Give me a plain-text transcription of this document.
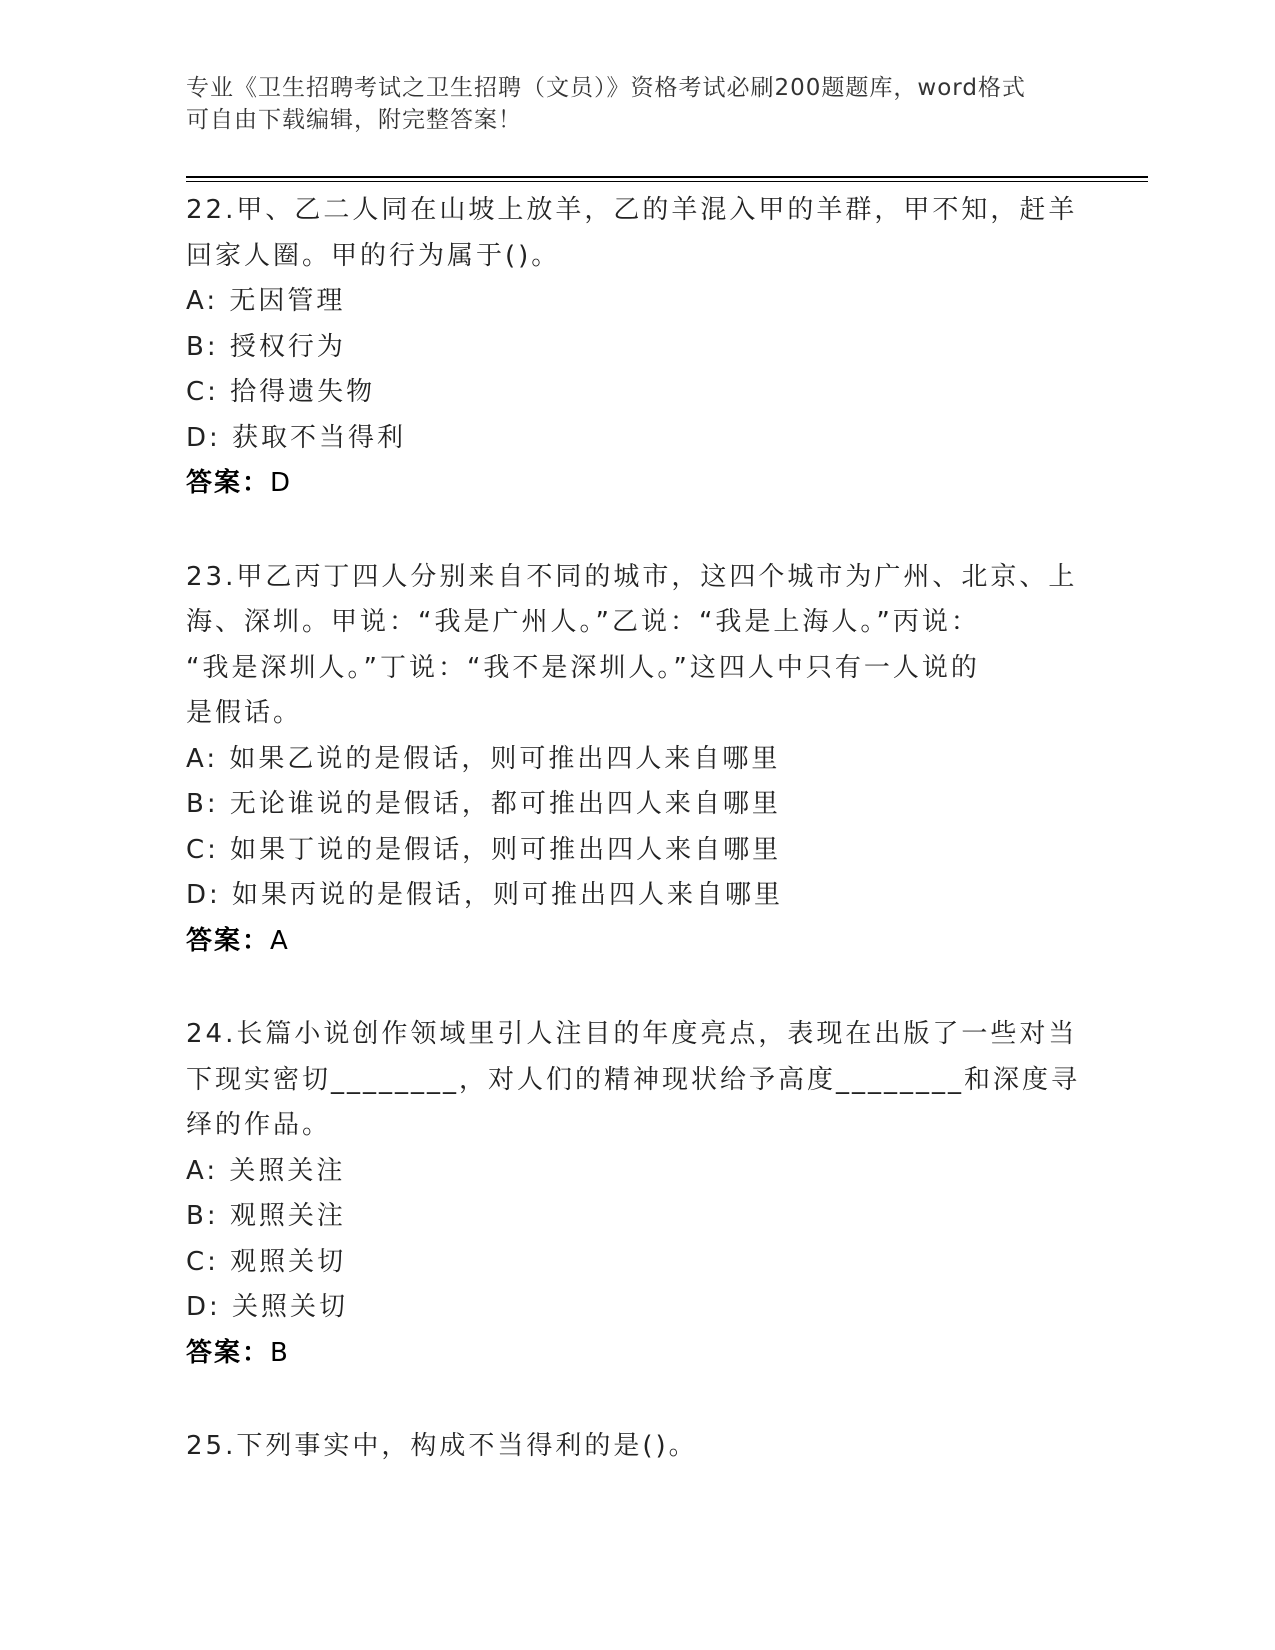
专业《卫生招聘考试之卫生招聘（文员）》资格考试必刷200题题库，word格式
可自由下载编辑，附完整答案！
22.甲、乙二人同在山坡上放羊，乙的羊混入甲的羊群，甲不知，赶羊
回家人圈。甲的行为属于()。
A: 无因管理
B: 授权行为
C: 拾得遗失物
D: 获取不当得利
答案：D
23.甲乙丙丁四人分别来自不同的城市，这四个城市为广州、北京、上
海、深圳。甲说：“我是广州人。”乙说：“我是上海人。”丙说：
“我是深圳人。”丁说：“我不是深圳人。”这四人中只有一人说的
是假话。
A: 如果乙说的是假话，则可推出四人来自哪里
B: 无论谁说的是假话，都可推出四人来自哪里
C: 如果丁说的是假话，则可推出四人来自哪里
D: 如果丙说的是假话，则可推出四人来自哪里
答案：A
24.长篇小说创作领域里引人注目的年度亮点，表现在出版了一些对当
下现实密切________，对人们的精神现状给予高度________和深度寻
绎的作品。
A: 关照关注
B: 观照关注
C: 观照关切
D: 关照关切
答案：B
25.下列事实中，构成不当得利的是()。
